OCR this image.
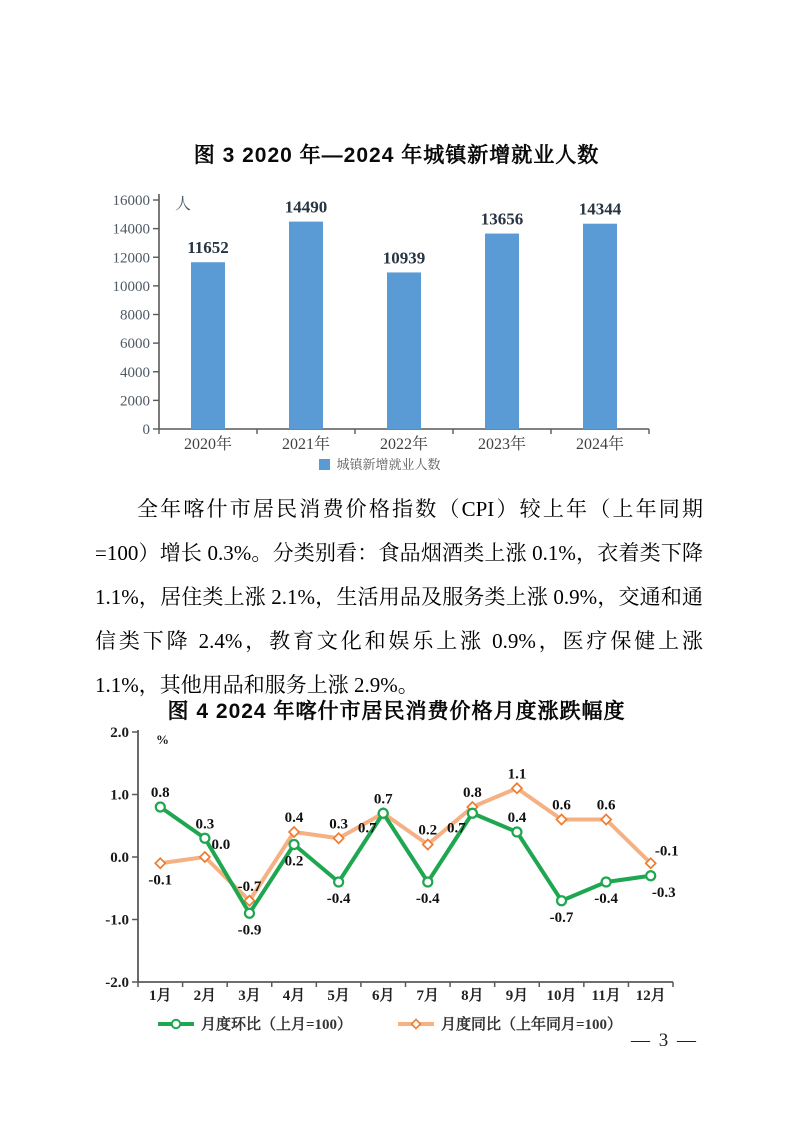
图 3 2020 年—2024 年城镇新增就业人数
0
2000
4000
6000
8000
10000
12000
14000
16000 人
11652
2020年
14490
2021年
10939
2022年
13656
2023年
14344
2024年
城镇新增就业人数
全年喀什市居民消费价格指数（CPI）较上年（上年同期=100）增长 0.3%。分类别看：食品烟酒类上涨 0.1%，衣着类下降 1.1%，居住类上涨 2.1%，生活用品及服务类上涨 0.9%，交通和通信类下降 2.4%，教育文化和娱乐上涨 0.9%，医疗保健上涨 1.1%，其他用品和服务上涨 2.9%。
图 4 2024 年喀什市居民消费价格月度涨跌幅度
-2.0
-1.0
0.0
1.0
2.0 %
1月 2月 3月 4月 5月 6月 7月 8月 9月 10月 11月 12月
0.8
0.3
-0.9
0.2
-0.4
0.7
-0.4
0.7
0.4
-0.7
-0.4 -0.3
-0.1
0.0
-0.7
0.4 0.3
0.7
0.2
0.8
1.1
0.6 0.6
-0.1
月度环比（上月=100）	月度同比（上年同月=100）
— 3 —
